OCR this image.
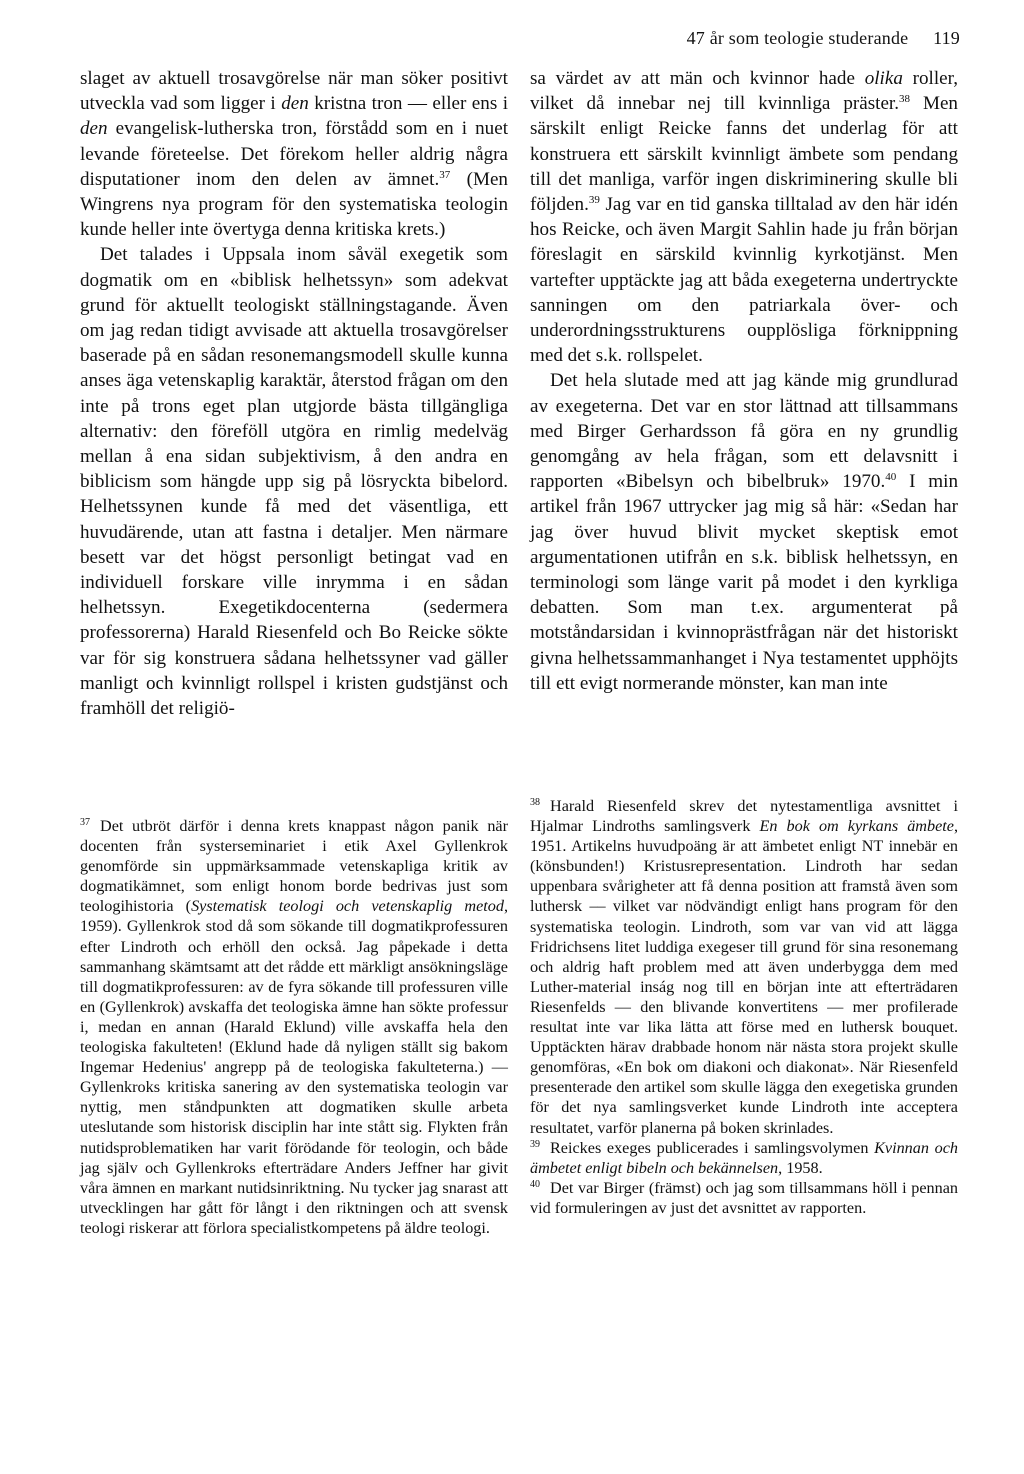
47 år som teologie studerande 119

slaget av aktuell trosavgörelse när man söker positivt utveckla vad som ligger i den kristna tron — eller ens i den evangelisk-lutherska tron, förstådd som en i nuet levande företeelse. Det förekom heller aldrig några disputationer inom den delen av ämnet.$^{37}$ (Men Wingrens nya program för den systematiska teologin kunde heller inte övertyga denna kritiska krets.)

Det talades i Uppsala inom såväl exegetik som dogmatik om en «biblisk helhetssyn» som adekvat grund för aktuellt teologiskt ställningstagande. Även om jag redan tidigt avvisade att aktuella trosavgörelser baserade på en sådan resonemangsmodell skulle kunna anses äga vetenskaplig karaktär, återstod frågan om den inte på trons eget plan utgjorde bästa tillgängliga alternativ: den föreföll utgöra en rimlig medelväg mellan å ena sidan subjektivism, å den andra en biblicism som hängde upp sig på lösryckta bibelord. Helhetssynen kunde få med det väsentliga, ett huvudärende, utan att fastna i detaljer. Men närmare besett var det högst personligt betingat vad en individuell forskare ville inrymma i en sådan helhetssyn. Exegetikdocenterna (sedermera professorerna) Harald Riesenfeld och Bo Reicke sökte var för sig konstruera sådana helhetssyner vad gäller manligt och kvinnligt rollspel i kristen gudstjänst och framhöll det religiö-

sa värdet av att män och kvinnor hade olika roller, vilket då innebar nej till kvinnliga präster.$^{38}$ Men särskilt enligt Reicke fanns det underlag för att konstruera ett särskilt kvinnligt ämbete som pendang till det manliga, varför ingen diskriminering skulle bli följden.$^{39}$ Jag var en tid ganska tilltalad av den här idén hos Reicke, och även Margit Sahlin hade ju från början föreslagit en särskild kvinnlig kyrkotjänst. Men vartefter upptäckte jag att båda exegeterna undertryckte sanningen om den patriarkala över- och underordningsstrukturens oupplösliga förknippning med det s.k. rollspelet.

Det hela slutade med att jag kände mig grundlurad av exegeterna. Det var en stor lättnad att tillsammans med Birger Gerhardsson få göra en ny grundlig genomgång av hela frågan, som ett delavsnitt i rapporten «Bibelsyn och bibelbruk» 1970.40 I min artikel från 1967 uttrycker jag mig så här: «Sedan har jag över huvud blivit mycket skeptisk emot argumentationen utifrån en s.k. biblisk helhetssyn, en terminologi som länge varit på modet i den kyrkliga debatten. Som man t.ex. argumenterat på motståndarsidan i kvinnoprästfrågan när det historiskt givna helhetssammanhanget i Nya testamentet upphöjts till ett evigt normerande mönster, kan man inte

$^{37}$ Det utbröt därför i denna krets knappast någon panik när docenten från systerseminariet i etik Axel Gyllenkrok genomförde sin uppmärksammade vetenskapliga kritik av dogmatikämnet, som enligt honom borde bedrivas just som teologihistoria (Systematisk teologi och vetenskaplig metod, 1959). Gyllenkrok stod då som sökande till dogmatikprofessuren efter Lindroth och erhöll den också. Jag påpekade i detta sammanhang skämtsamt att det rådde ett märkligt ansökningsläge till dogmatikprofessuren: av de fyra sökande till professuren ville en (Gyllenkrok) avskaffa det teologiska ämne han sökte professur i, medan en annan (Harald Eklund) ville avskaffa hela den teologiska fakulteten! (Eklund hade då nyligen ställt sig bakom Ingemar Hedenius' angrepp på de teologiska fakulteterna.) — Gyllenkroks kritiska sanering av den systematiska teologin var nyttig, men ståndpunkten att dogmatiken skulle arbeta uteslutande som historisk disciplin har inte stått sig. Flykten från nutidsproblematiken har varit förödande för teologin, och både jag själv och Gyllenkroks efterträdare Anders Jeffner har givit våra ämnen en markant nutidsinriktning. Nu tycker jag snarast att utvecklingen har gått för långt i den riktningen och att svensk teologi riskerar att förlora specialistkompetens på äldre teologi.

$^{38}$ Harald Riesenfeld skrev det nytestamentliga avsnittet i Hjalmar Lindroths samlingsverk En bok om kyrkans ämbete, 1951. Artikelns huvudpoäng är att ämbetet enligt NT innebär en (könsbunden!) Kristusrepresentation. Lindroth har sedan uppenbara svårigheter att få denna position att framstå även som luthersk –– vilket var nödvändigt enligt hans program för den systematiska teologin. Lindroth, som var van vid att lägga Fridrichsens litet luddiga exegeser till grund för sina resonemang och aldrig haft problem med att även underbygga dem med Luther-material inság nog till en början inte att efterträdaren Riesenfelds — den blivande konvertitens — mer profilerade resultat inte var lika lätta att förse med en luthersk bouquet. Upptäckten härav drabbade honom när nästa stora projekt skulle genomföras, «En bok om diakoni och diakonat». När Riesenfeld presenterade den artikel som skulle lägga den exegetiska grunden för det nya samlingsverket kunde Lindroth inte acceptera resultatet, varför planerna på boken skrinlades.

$^{39}$ Reickes exeges publicerades i samlingsvolymen Kvinnan och ämbetet enligt bibeln och bekännelsen, 1958.

$^{40}$ Det var Birger (främst) och jag som tillsammans höll i pennan vid formuleringen av just det avsnittet av rapporten.
